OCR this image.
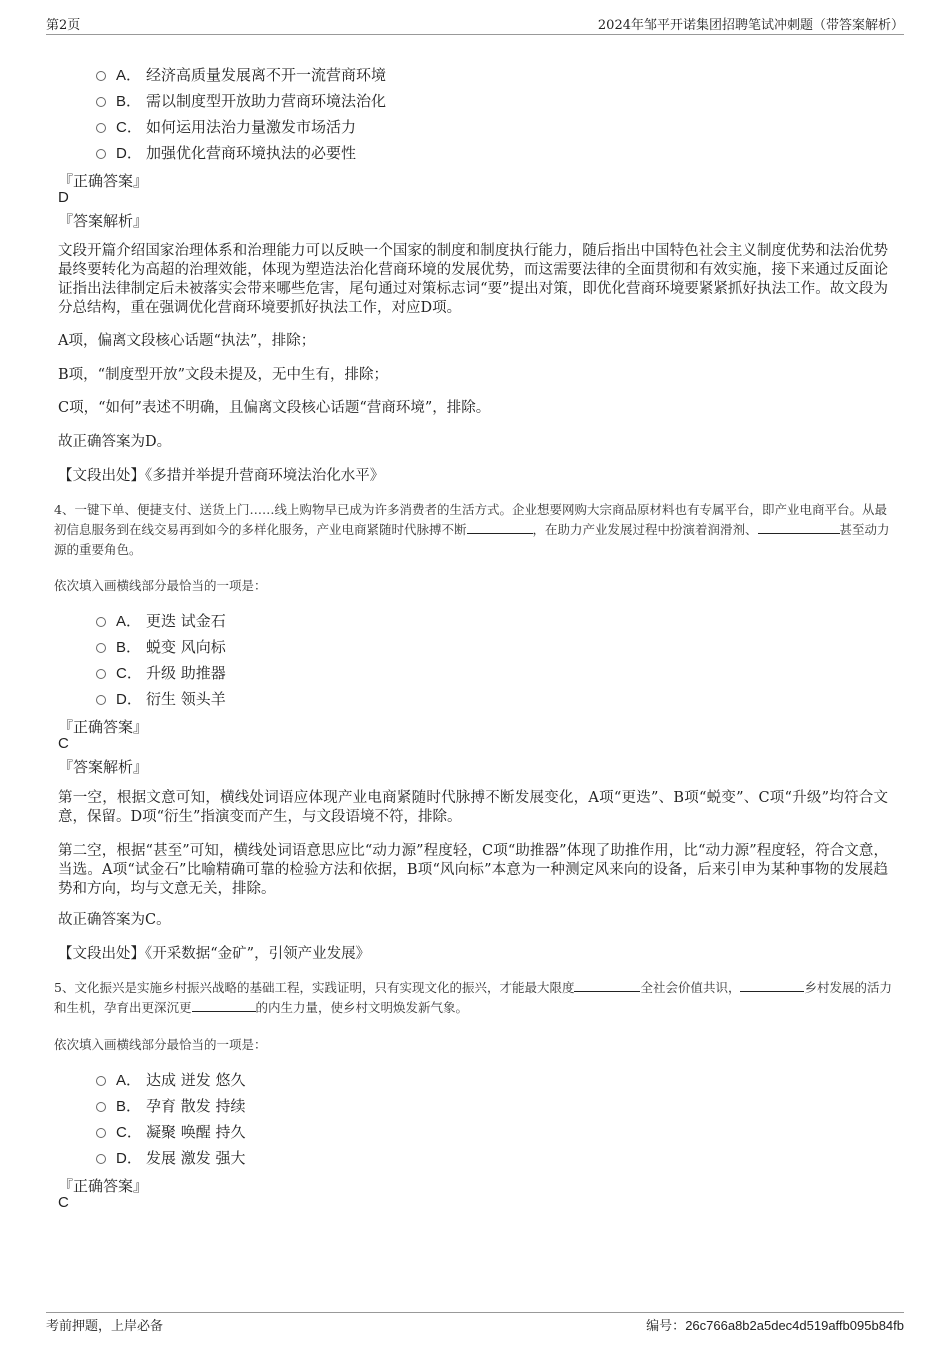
第2页	2024年邹平开诺集团招聘笔试冲刺题（带答案解析）
A． 经济高质量发展离不开一流营商环境
B． 需以制度型开放助力营商环境法治化
C． 如何运用法治力量激发市场活力
D． 加强优化营商环境执法的必要性
『正确答案』
D
『答案解析』
文段开篇介绍国家治理体系和治理能力可以反映一个国家的制度和制度执行能力，随后指出中国特色社会主义制度优势和法治优势最终要转化为高超的治理效能，体现为塑造法治化营商环境的发展优势，而这需要法律的全面贯彻和有效实施，接下来通过反面论证指出法律制定后未被落实会带来哪些危害，尾句通过对策标志词“要”提出对策，即优化营商环境要紧紧抓好执法工作。故文段为分总结构，重在强调优化营商环境要抓好执法工作，对应D项。
A项，偏离文段核心话题“执法”，排除；
B项，“制度型开放”文段未提及，无中生有，排除；
C项，“如何”表述不明确，且偏离文段核心话题“营商环境”，排除。
故正确答案为D。
【文段出处】《多措并举提升营商环境法治化水平》
4、一键下单、便捷支付、送货上门……线上购物早已成为许多消费者的生活方式。企业想要网购大宗商品原材料也有专属平台，即产业电商平台。从最初信息服务到在线交易再到如今的多样化服务，产业电商紧随时代脉搏不断	，在助力产业发展过程中扮演着润滑剂、	甚至动力源的重要角色。
依次填入画横线部分最恰当的一项是：
A． 更迭 试金石
B． 蜕变 风向标
C． 升级 助推器
D． 衍生 领头羊
『正确答案』
C
『答案解析』
第一空，根据文意可知，横线处词语应体现产业电商紧随时代脉搏不断发展变化，A项“更迭”、B项“蜕变”、C项“升级”均符合文意，保留。D项“衍生”指演变而产生，与文段语境不符，排除。
第二空，根据“甚至”可知，横线处词语意思应比“动力源”程度轻，C项“助推器”体现了助推作用，比“动力源”程度轻，符合文意，当选。A项“试金石”比喻精确可靠的检验方法和依据，B项“风向标”本意为一种测定风来向的设备，后来引申为某种事物的发展趋势和方向，均与文意无关，排除。
故正确答案为C。
【文段出处】《开采数据“金矿”，引领产业发展》
5、文化振兴是实施乡村振兴战略的基础工程，实践证明，只有实现文化的振兴，才能最大限度	全社会价值共识，	乡村发展的活力和生机，孕育出更深沉更	的内生力量，使乡村文明焕发新气象。
依次填入画横线部分最恰当的一项是：
A． 达成 迸发 悠久
B． 孕育 散发 持续
C． 凝聚 唤醒 持久
D． 发展 激发 强大
『正确答案』
C
考前押题，上岸必备	编号：26c766a8b2a5dec4d519affb095b84fb
